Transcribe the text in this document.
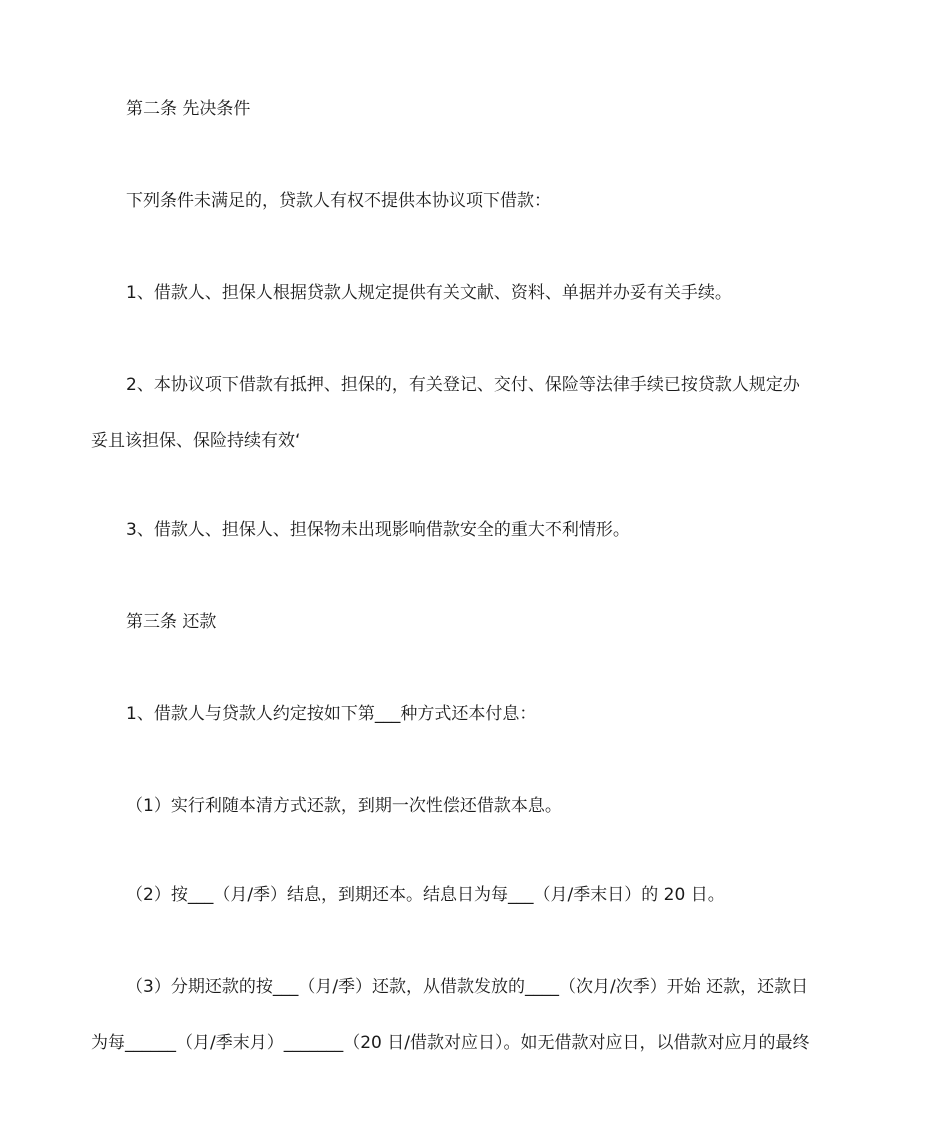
第二条 先决条件
下列条件未满足的，贷款人有权不提供本协议项下借款：
1、借款人、担保人根据贷款人规定提供有关文献、资料、单据并办妥有关手续。
2、本协议项下借款有抵押、担保的，有关登记、交付、保险等法律手续已按贷款人规定办
妥且该担保、保险持续有效‘
3、借款人、担保人、担保物未出现影响借款安全的重大不利情形。
第三条 还款
1、借款人与贷款人约定按如下第___种方式还本付息：
（1）实行利随本清方式还款，到期一次性偿还借款本息。
（2）按___（月/季）结息，到期还本。结息日为每___（月/季末日）的 20 日。
（3）分期还款的按___（月/季）还款，从借款发放的____（次月/次季）开始 还款，还款日
为每______（月/季末月）_______（20 日/借款对应日）。如无借款对应日，以借款对应月的最终
